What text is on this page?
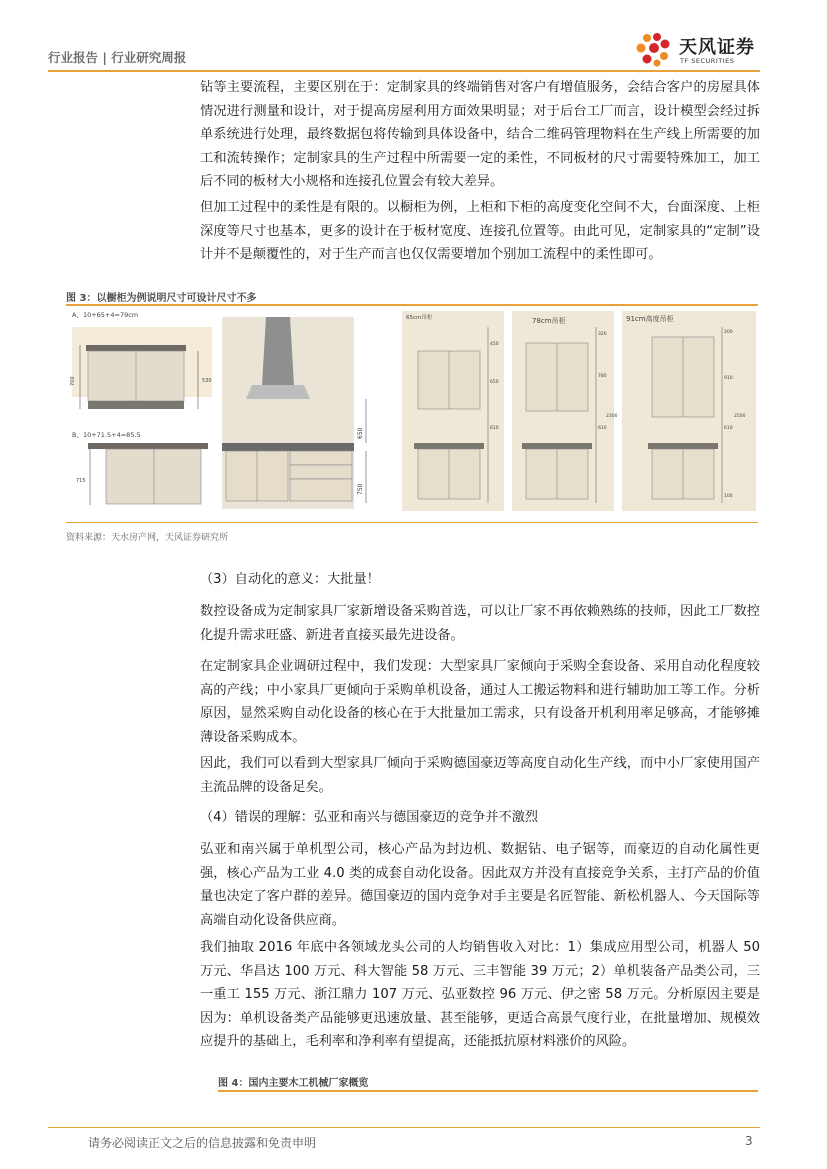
行业报告 | 行业研究周报	天风证券
TF SECURITIES

钻等主要流程，主要区别在于：定制家具的终端销售对客户有增值服务，会结合客户的房屋具体情况进行测量和设计，对于提高房屋利用方面效果明显；对于后台工厂而言，设计模型会经过拆单系统进行处理，最终数据包将传输到具体设备中，结合二维码管理物料在生产线上所需要的加工和流转操作；定制家具的生产过程中所需要一定的柔性，不同板材的尺寸需要特殊加工，加工后不同的板材大小规格和连接孔位置会有较大差异。

但加工过程中的柔性是有限的。以橱柜为例，上柜和下柜的高度变化空间不大，台面深度、上柜深度等尺寸也基本，更多的设计在于板材宽度、连接孔位置等。由此可见，定制家具的“定制”设计并不是颠覆性的，对于生产而言也仅仅需要增加个别加工流程中的柔性即可。

图 3：以橱柜为例说明尺寸可设计尺寸不多
A、10+65+4=79cm
700	530
B、10+71.5+4=85.5
715
650
750
65cm吊柜
450
650
610
78cm吊柜
320
780
610
2300
91cm高度吊柜
200
910
610
2500
100
资料来源：天水房产网，天风证券研究所

（3）自动化的意义：大批量！

数控设备成为定制家具厂家新增设备采购首选，可以让厂家不再依赖熟练的技师，因此工厂数控化提升需求旺盛、新进者直接买最先进设备。

在定制家具企业调研过程中，我们发现：大型家具厂家倾向于采购全套设备、采用自动化程度较高的产线；中小家具厂更倾向于采购单机设备，通过人工搬运物料和进行辅助加工等工作。分析原因，显然采购自动化设备的核心在于大批量加工需求，只有设备开机利用率足够高，才能够摊薄设备采购成本。

因此，我们可以看到大型家具厂倾向于采购德国豪迈等高度自动化生产线，而中小厂家使用国产主流品牌的设备足矣。

（4）错误的理解：弘亚和南兴与德国豪迈的竞争并不激烈

弘亚和南兴属于单机型公司，核心产品为封边机、数据钻、电子锯等，而豪迈的自动化属性更强，核心产品为工业 4.0 类的成套自动化设备。因此双方并没有直接竞争关系，主打产品的价值量也决定了客户群的差异。德国豪迈的国内竞争对手主要是名匠智能、新松机器人、今天国际等高端自动化设备供应商。

我们抽取 2016 年底中各领域龙头公司的人均销售收入对比：1）集成应用型公司，机器人 50 万元、华昌达 100 万元、科大智能 58 万元、三丰智能 39 万元；2）单机装备产品类公司，三一重工 155 万元、浙江鼎力 107 万元、弘亚数控 96 万元、伊之密 58 万元。分析原因主要是因为：单机设备类产品能够更迅速放量、甚至能够，更适合高景气度行业，在批量增加、规模效应提升的基础上，毛利率和净利率有望提高，还能抵抗原材料涨价的风险。

图 4：国内主要木工机械厂家概览
请务必阅读正文之后的信息披露和免责申明	3
